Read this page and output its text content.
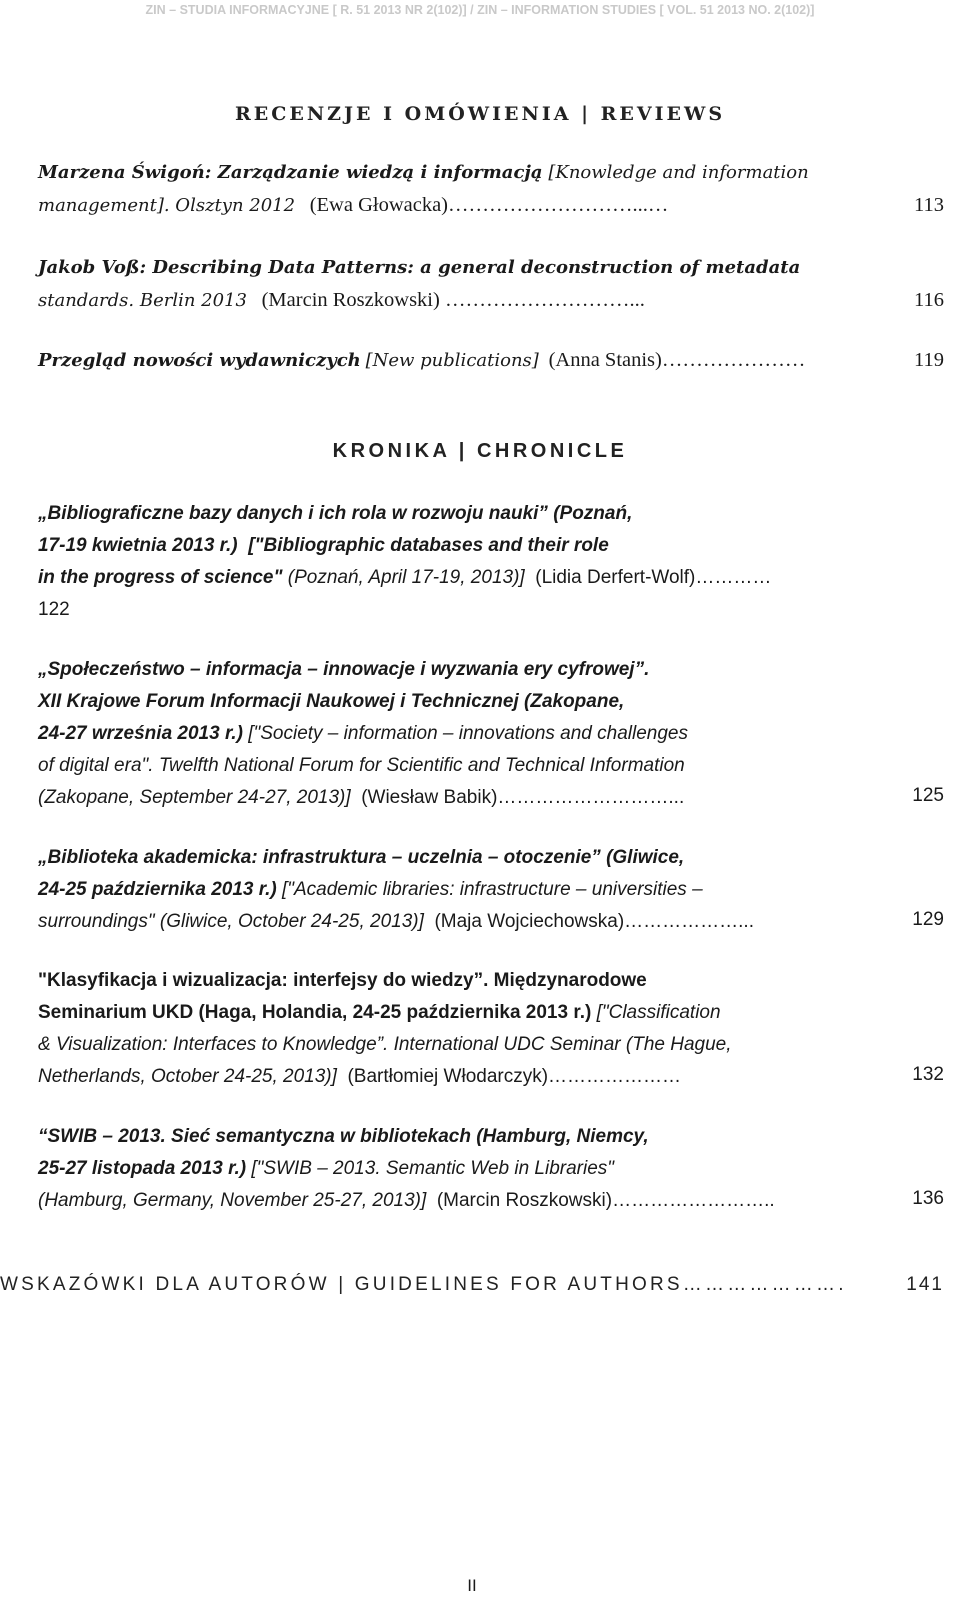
ZIN – STUDIA INFORMACYJNE [ R. 51 2013 NR 2(102)] / ZIN – INFORMATION STUDIES [ VOL. 51 2013 NO. 2(102)]
RECENZJE I OMÓWIENIA | REVIEWS
Marzena Świgoń: Zarządzanie wiedzą i informacją [Knowledge and information
management]. Olsztyn 2012 (Ewa Głowacka)………………………...…	113
Jakob Voß: Describing Data Patterns: a general deconstruction of metadata
standards. Berlin 2013 (Marcin Roszkowski) ………………………...	116
Przegląd nowości wydawniczych [New publications] (Anna Stanis)…………………	119
KRONIKA | CHRONICLE
„Bibliograficzne bazy danych i ich rola w rozwoju nauki” (Poznań,
17-19 kwietnia 2013 r.) ["Bibliographic databases and their role
in the progress of science" (Poznań, April 17-19, 2013)] (Lidia Derfert-Wolf)…………
122
„Społeczeństwo – informacja – innowacje i wyzwania ery cyfrowej”.
XII Krajowe Forum Informacji Naukowej i Technicznej (Zakopane,
24-27 września 2013 r.) ["Society – information – innovations and challenges
of digital era". Twelfth National Forum for Scientific and Technical Information
(Zakopane, September 24-27, 2013)] (Wiesław Babik)………………………...	125
„Biblioteka akademicka: infrastruktura – uczelnia – otoczenie” (Gliwice,
24-25 października 2013 r.) ["Academic libraries: infrastructure – universities –
surroundings" (Gliwice, October 24-25, 2013)] (Maja Wojciechowska)………………...	129
"Klasyfikacja i wizualizacja: interfejsy do wiedzy”. Międzynarodowe
Seminarium UKD (Haga, Holandia, 24-25 października 2013 r.) ["Classification
& Visualization: Interfaces to Knowledge”. International UDC Seminar (The Hague,
Netherlands, October 24-25, 2013)] (Bartłomiej Włodarczyk)…………………	132
“SWIB – 2013. Sieć semantyczna w bibliotekach (Hamburg, Niemcy,
25-27 listopada 2013 r.) ["SWIB – 2013. Semantic Web in Libraries"
(Hamburg, Germany, November 25-27, 2013)] (Marcin Roszkowski)……………………..	136
WSKAZÓWKI DLA AUTORÓW | GUIDELINES FOR AUTHORS………………….	141
II
